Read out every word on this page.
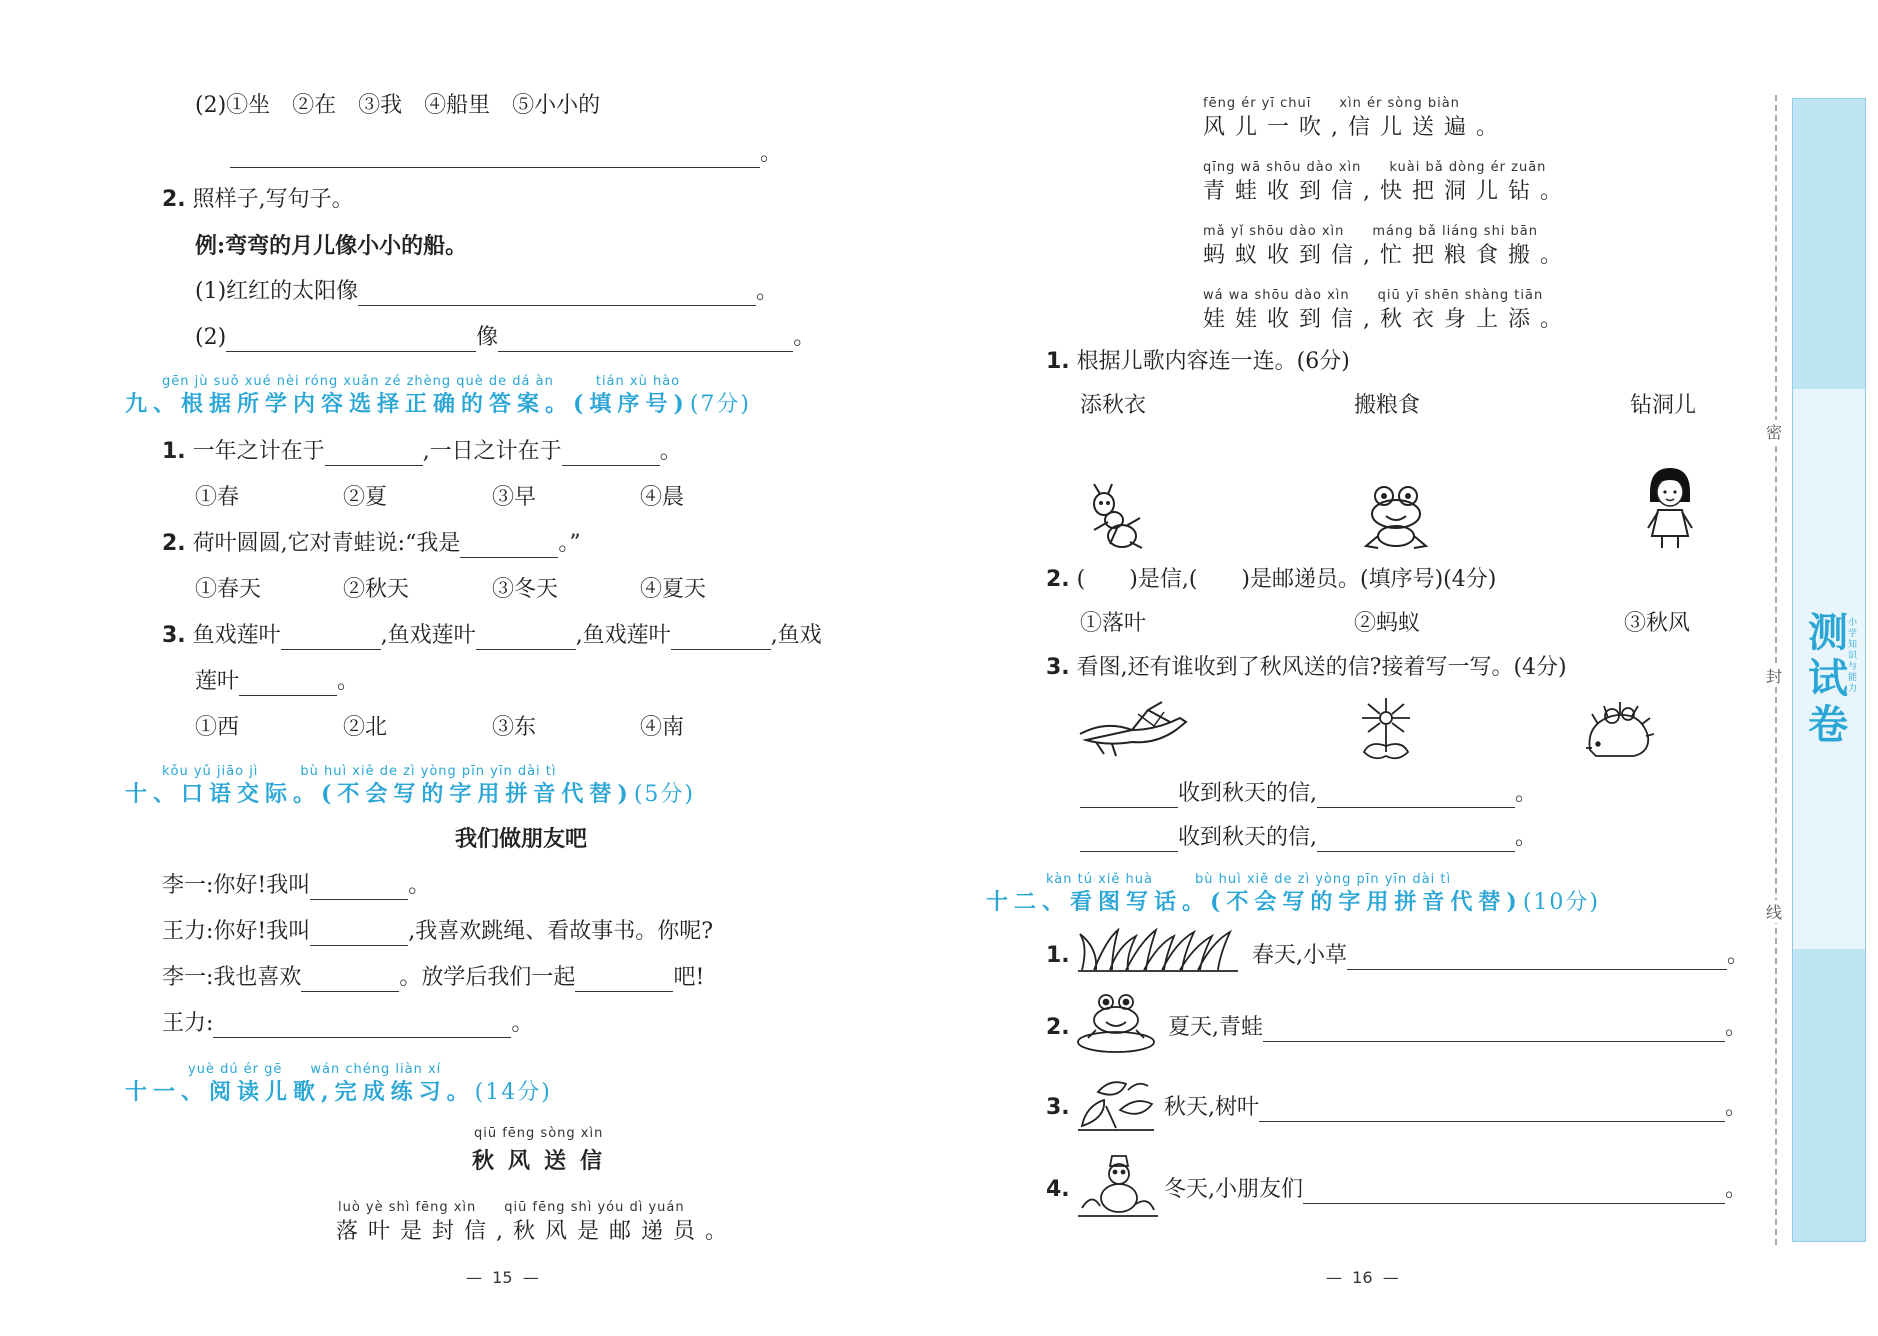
(2)①坐　②在　③我　④船里　⑤小小的
。
2. 照样子,写句子。
例:弯弯的月儿像小小的船。
(1)红红的太阳像	。
(2)	像	。
gēn jù suǒ xué nèi róng xuǎn zé zhèng què de dá àn　　　tián xù hào
九、根据所学内容选择正确的答案。(填序号)(7分)
1. 一年之计在于	,一日之计在于	。
①春	②夏	③早	④晨
2. 荷叶圆圆,它对青蛙说:“我是	。”
①春天	②秋天	③冬天	④夏天
3. 鱼戏莲叶	,鱼戏莲叶	,鱼戏莲叶	,鱼戏
莲叶	。
①西	②北	③东	④南
kǒu yǔ jiāo jì　　　bù huì xiě de zì yòng pīn yīn dài tì
十、口语交际。(不会写的字用拼音代替)(5分)
我们做朋友吧
李一:你好!我叫	。
王力:你好!我叫	,我喜欢跳绳、看故事书。你呢?
李一:我也喜欢	。放学后我们一起	吧!
王力:	。
yuè dú ér gē　　wán chéng liàn xí
十一、阅读儿歌,完成练习。(14分)
qiū fēng sòng xìn
秋风送信
luò yè shì fēng xìn　　qiū fēng shì yóu dì yuán
落叶是封信,秋风是邮递员。
—  15  —
fēng ér yī chuī　　xìn ér sòng biàn
风儿一吹,信儿送遍。
qīng wā shōu dào xìn　　kuài bǎ dòng ér zuān
青蛙收到信,快把洞儿钻。
mǎ yǐ shōu dào xìn　　máng bǎ liáng shi bān
蚂蚁收到信,忙把粮食搬。
wá wa shōu dào xìn　　qiū yī shēn shàng tiān
娃娃收到信,秋衣身上添。
1. 根据儿歌内容连一连。(6分)
添秋衣	搬粮食	钻洞儿
2. (　　)是信,(　　)是邮递员。(填序号)(4分)
①落叶	②蚂蚁	③秋风
3. 看图,还有谁收到了秋风送的信?接着写一写。(4分)
收到秋天的信,	。
收到秋天的信,	。
kàn tú xiě huà　　　bù huì xiě de zì yòng pīn yīn dài tì
十二、看图写话。(不会写的字用拼音代替)(10分)
1.	春天,小草	。
2.	夏天,青蛙	。
3.	秋天,树叶	。
4.	冬天,小朋友们	。
—  16  —
密
封
线
测试卷
小学知识与能力
